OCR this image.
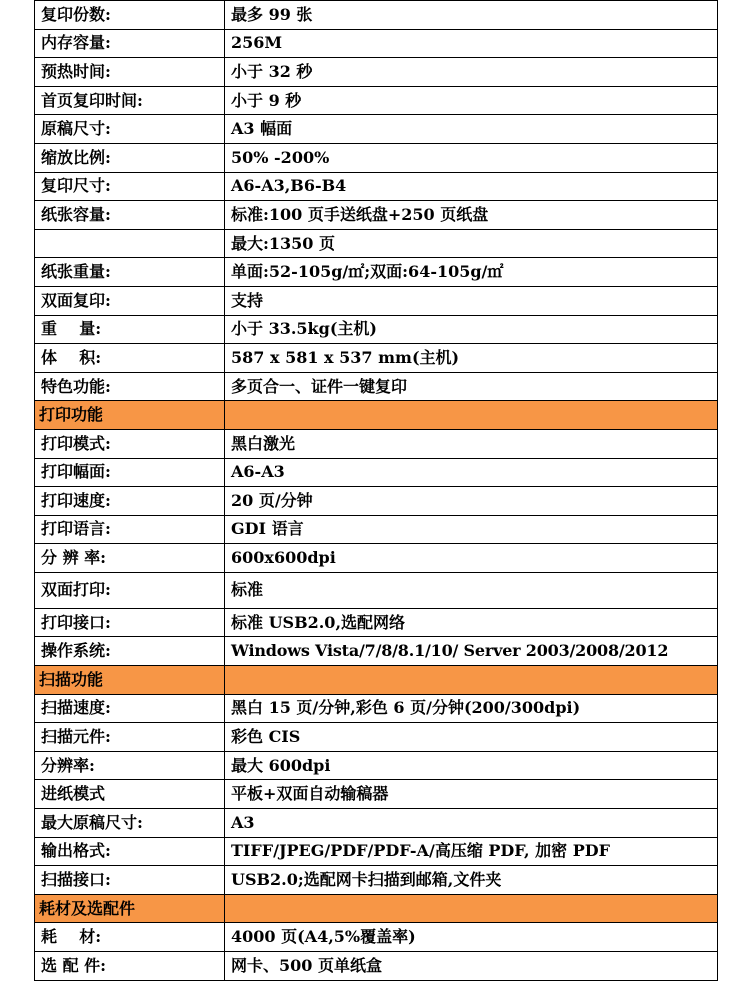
复印份数:	最多 99 张
内存容量:	256M
预热时间:	小于 32 秒
首页复印时间:	小于 9 秒
原稿尺寸:	A3 幅面
缩放比例:	50% -200%
复印尺寸:	A6-A3,B6-B4
纸张容量:	标准:100 页手送纸盘+250 页纸盘
	最大:1350 页
纸张重量:	单面:52-105g/㎡;双面:64-105g/㎡
双面复印:	支持
重    量:	小于 33.5kg(主机)
体    积:	587 x 581 x 537 mm(主机)
特色功能:	多页合一、证件一键复印
打印功能	
打印模式:	黑白激光
打印幅面:	A6-A3
打印速度:	20 页/分钟
打印语言:	GDI 语言
分 辨 率:	600x600dpi
双面打印:	标准
打印接口:	标准 USB2.0,选配网络
操作系统:	Windows Vista/7/8/8.1/10/ Server 2003/2008/2012
扫描功能	
扫描速度:	黑白 15 页/分钟,彩色 6 页/分钟(200/300dpi)
扫描元件:	彩色 CIS
分辨率:	最大 600dpi
进纸模式	平板+双面自动输稿器
最大原稿尺寸:	A3
输出格式:	TIFF/JPEG/PDF/PDF-A/高压缩 PDF, 加密 PDF
扫描接口:	USB2.0;选配网卡扫描到邮箱,文件夹
耗材及选配件	
耗    材:	4000 页(A4,5%覆盖率)
选 配 件:	网卡、500 页单纸盒
